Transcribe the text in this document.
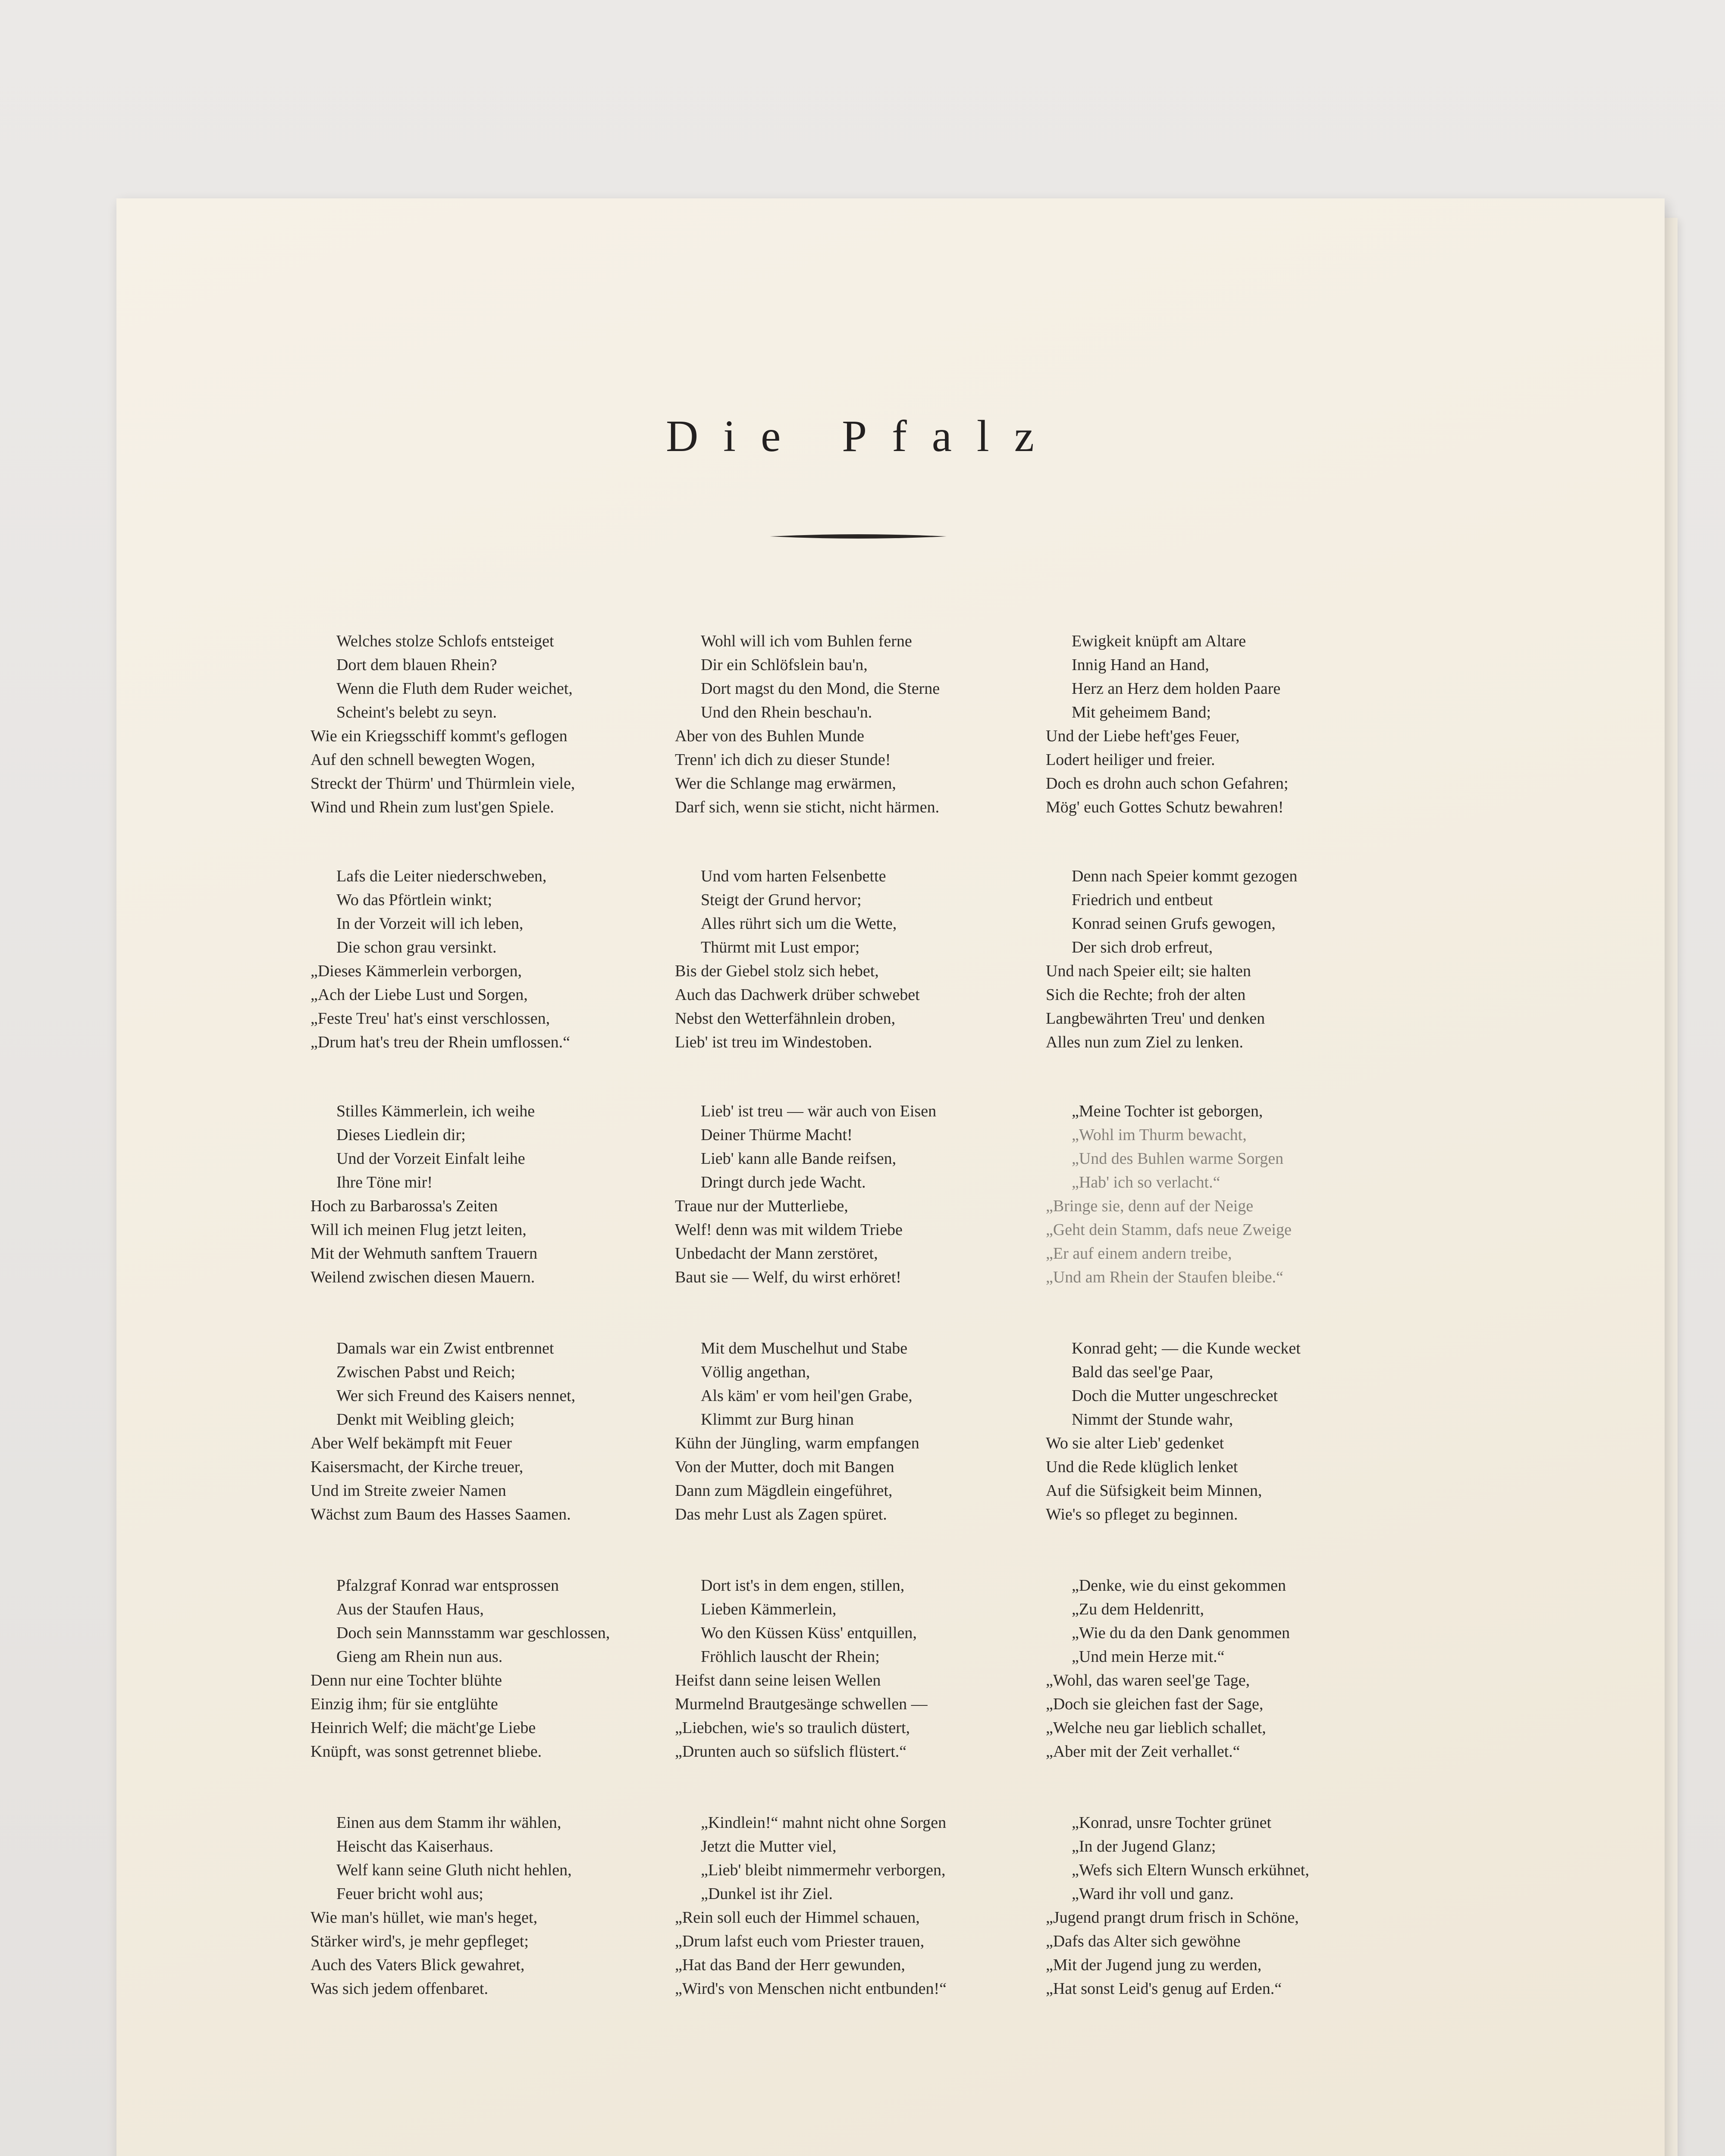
Die Pfalz
Welches stolze Schlofs entsteiget
Dort dem blauen Rhein?
Wenn die Fluth dem Ruder weichet,
Scheint's belebt zu seyn.
Wie ein Kriegsschiff kommt's geflogen
Auf den schnell bewegten Wogen,
Streckt der Thürm' und Thürmlein viele,
Wind und Rhein zum lust'gen Spiele.
Lafs die Leiter niederschweben,
Wo das Pförtlein winkt;
In der Vorzeit will ich leben,
Die schon grau versinkt.
„Dieses Kämmerlein verborgen,
„Ach der Liebe Lust und Sorgen,
„Feste Treu' hat's einst verschlossen,
„Drum hat's treu der Rhein umflossen.“
Stilles Kämmerlein, ich weihe
Dieses Liedlein dir;
Und der Vorzeit Einfalt leihe
Ihre Töne mir!
Hoch zu Barbarossa's Zeiten
Will ich meinen Flug jetzt leiten,
Mit der Wehmuth sanftem Trauern
Weilend zwischen diesen Mauern.
Damals war ein Zwist entbrennet
Zwischen Pabst und Reich;
Wer sich Freund des Kaisers nennet,
Denkt mit Weibling gleich;
Aber Welf bekämpft mit Feuer
Kaisersmacht, der Kirche treuer,
Und im Streite zweier Namen
Wächst zum Baum des Hasses Saamen.
Pfalzgraf Konrad war entsprossen
Aus der Staufen Haus,
Doch sein Mannsstamm war geschlossen,
Gieng am Rhein nun aus.
Denn nur eine Tochter blühte
Einzig ihm; für sie entglühte
Heinrich Welf; die mächt'ge Liebe
Knüpft, was sonst getrennet bliebe.
Einen aus dem Stamm ihr wählen,
Heischt das Kaiserhaus.
Welf kann seine Gluth nicht hehlen,
Feuer bricht wohl aus;
Wie man's hüllet, wie man's heget,
Stärker wird's, je mehr gepfleget;
Auch des Vaters Blick gewahret,
Was sich jedem offenbaret.
Wohl will ich vom Buhlen ferne
Dir ein Schlöfslein bau'n,
Dort magst du den Mond, die Sterne
Und den Rhein beschau'n.
Aber von des Buhlen Munde
Trenn' ich dich zu dieser Stunde!
Wer die Schlange mag erwärmen,
Darf sich, wenn sie sticht, nicht härmen.
Und vom harten Felsenbette
Steigt der Grund hervor;
Alles rührt sich um die Wette,
Thürmt mit Lust empor;
Bis der Giebel stolz sich hebet,
Auch das Dachwerk drüber schwebet
Nebst den Wetterfähnlein droben,
Lieb' ist treu im Windestoben.
Lieb' ist treu — wär auch von Eisen
Deiner Thürme Macht!
Lieb' kann alle Bande reifsen,
Dringt durch jede Wacht.
Traue nur der Mutterliebe,
Welf! denn was mit wildem Triebe
Unbedacht der Mann zerstöret,
Baut sie — Welf, du wirst erhöret!
Mit dem Muschelhut und Stabe
Völlig angethan,
Als käm' er vom heil'gen Grabe,
Klimmt zur Burg hinan
Kühn der Jüngling, warm empfangen
Von der Mutter, doch mit Bangen
Dann zum Mägdlein eingeführet,
Das mehr Lust als Zagen spüret.
Dort ist's in dem engen, stillen,
Lieben Kämmerlein,
Wo den Küssen Küss' entquillen,
Fröhlich lauscht der Rhein;
Heifst dann seine leisen Wellen
Murmelnd Brautgesänge schwellen —
„Liebchen, wie's so traulich düstert,
„Drunten auch so süfslich flüstert.“
„Kindlein!“ mahnt nicht ohne Sorgen
Jetzt die Mutter viel,
„Lieb' bleibt nimmermehr verborgen,
„Dunkel ist ihr Ziel.
„Rein soll euch der Himmel schauen,
„Drum lafst euch vom Priester trauen,
„Hat das Band der Herr gewunden,
„Wird's von Menschen nicht entbunden!“
Ewigkeit knüpft am Altare
Innig Hand an Hand,
Herz an Herz dem holden Paare
Mit geheimem Band;
Und der Liebe heft'ges Feuer,
Lodert heiliger und freier.
Doch es drohn auch schon Gefahren;
Mög' euch Gottes Schutz bewahren!
Denn nach Speier kommt gezogen
Friedrich und entbeut
Konrad seinen Grufs gewogen,
Der sich drob erfreut,
Und nach Speier eilt; sie halten
Sich die Rechte; froh der alten
Langbewährten Treu' und denken
Alles nun zum Ziel zu lenken.
„Meine Tochter ist geborgen,
„Wohl im Thurm bewacht,
„Und des Buhlen warme Sorgen
„Hab' ich so verlacht.“
„Bringe sie, denn auf der Neige
„Geht dein Stamm, dafs neue Zweige
„Er auf einem andern treibe,
„Und am Rhein der Staufen bleibe.“
Konrad geht; — die Kunde wecket
Bald das seel'ge Paar,
Doch die Mutter ungeschrecket
Nimmt der Stunde wahr,
Wo sie alter Lieb' gedenket
Und die Rede klüglich lenket
Auf die Süfsigkeit beim Minnen,
Wie's so pfleget zu beginnen.
„Denke, wie du einst gekommen
„Zu dem Heldenritt,
„Wie du da den Dank genommen
„Und mein Herze mit.“
„Wohl, das waren seel'ge Tage,
„Doch sie gleichen fast der Sage,
„Welche neu gar lieblich schallet,
„Aber mit der Zeit verhallet.“
„Konrad, unsre Tochter grünet
„In der Jugend Glanz;
„Wefs sich Eltern Wunsch erkühnet,
„Ward ihr voll und ganz.
„Jugend prangt drum frisch in Schöne,
„Dafs das Alter sich gewöhne
„Mit der Jugend jung zu werden,
„Hat sonst Leid's genug auf Erden.“
